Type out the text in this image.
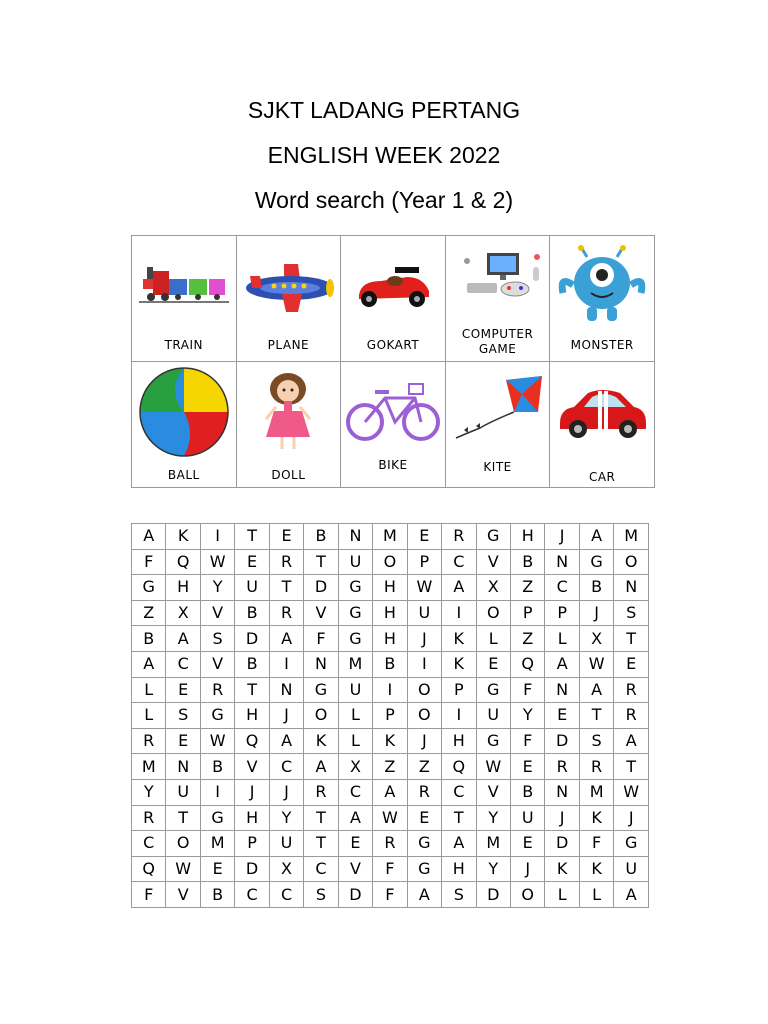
SJKT LADANG PERTANG
ENGLISH WEEK 2022
Word search (Year 1 & 2)
TRAIN	PLANE	GOKART	COMPUTER
GAME	MONSTER

BALL	DOLL	BIKE	KITE	CAR
A	K	I	T	E	B	N	M	E	R	G	H	J	A	M
F	Q	W	E	R	T	U	O	P	C	V	B	N	G	O
G	H	Y	U	T	D	G	H	W	A	X	Z	C	B	N
Z	X	V	B	R	V	G	H	U	I	O	P	P	J	S
B	A	S	D	A	F	G	H	J	K	L	Z	L	X	T
A	C	V	B	I	N	M	B	I	K	E	Q	A	W	E
L	E	R	T	N	G	U	I	O	P	G	F	N	A	R
L	S	G	H	J	O	L	P	O	I	U	Y	E	T	R
R	E	W	Q	A	K	L	K	J	H	G	F	D	S	A
M	N	B	V	C	A	X	Z	Z	Q	W	E	R	R	T
Y	U	I	J	J	R	C	A	R	C	V	B	N	M	W
R	T	G	H	Y	T	A	W	E	T	Y	U	J	K	J
C	O	M	P	U	T	E	R	G	A	M	E	D	F	G
Q	W	E	D	X	C	V	F	G	H	Y	J	K	K	U
F	V	B	C	C	S	D	F	A	S	D	O	L	L	A
